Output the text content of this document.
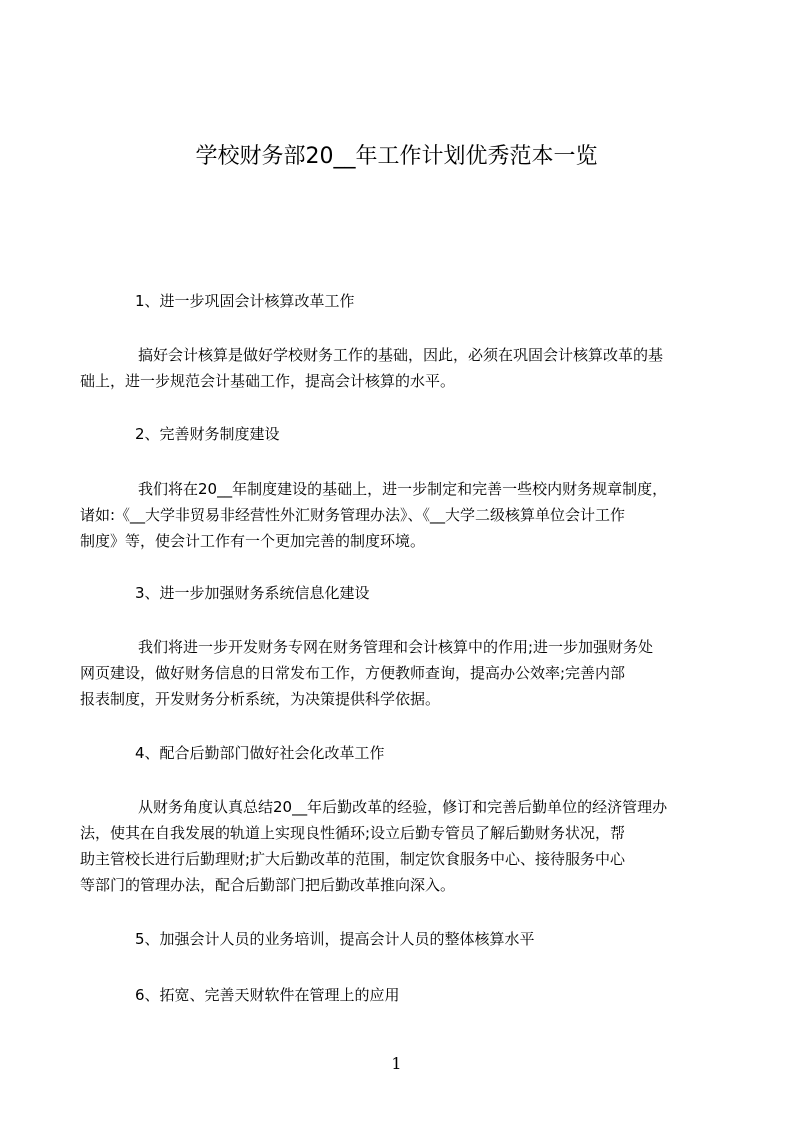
学校财务部20__年工作计划优秀范本一览
1、进一步巩固会计核算改革工作
搞好会计核算是做好学校财务工作的基础，因此，必须在巩固会计核算改革的基
础上，进一步规范会计基础工作，提高会计核算的水平。
2、完善财务制度建设
我们将在20__年制度建设的基础上，进一步制定和完善一些校内财务规章制度，
诸如:《__大学非贸易非经营性外汇财务管理办法》、《__大学二级核算单位会计工作
制度》等，使会计工作有一个更加完善的制度环境。
3、进一步加强财务系统信息化建设
我们将进一步开发财务专网在财务管理和会计核算中的作用;进一步加强财务处
网页建设，做好财务信息的日常发布工作，方便教师查询，提高办公效率;完善内部
报表制度，开发财务分析系统，为决策提供科学依据。
4、配合后勤部门做好社会化改革工作
从财务角度认真总结20__年后勤改革的经验，修订和完善后勤单位的经济管理办
法，使其在自我发展的轨道上实现良性循环;设立后勤专管员了解后勤财务状况，帮
助主管校长进行后勤理财;扩大后勤改革的范围，制定饮食服务中心、接待服务中心
等部门的管理办法，配合后勤部门把后勤改革推向深入。
5、加强会计人员的业务培训，提高会计人员的整体核算水平
6、拓宽、完善天财软件在管理上的应用
1
